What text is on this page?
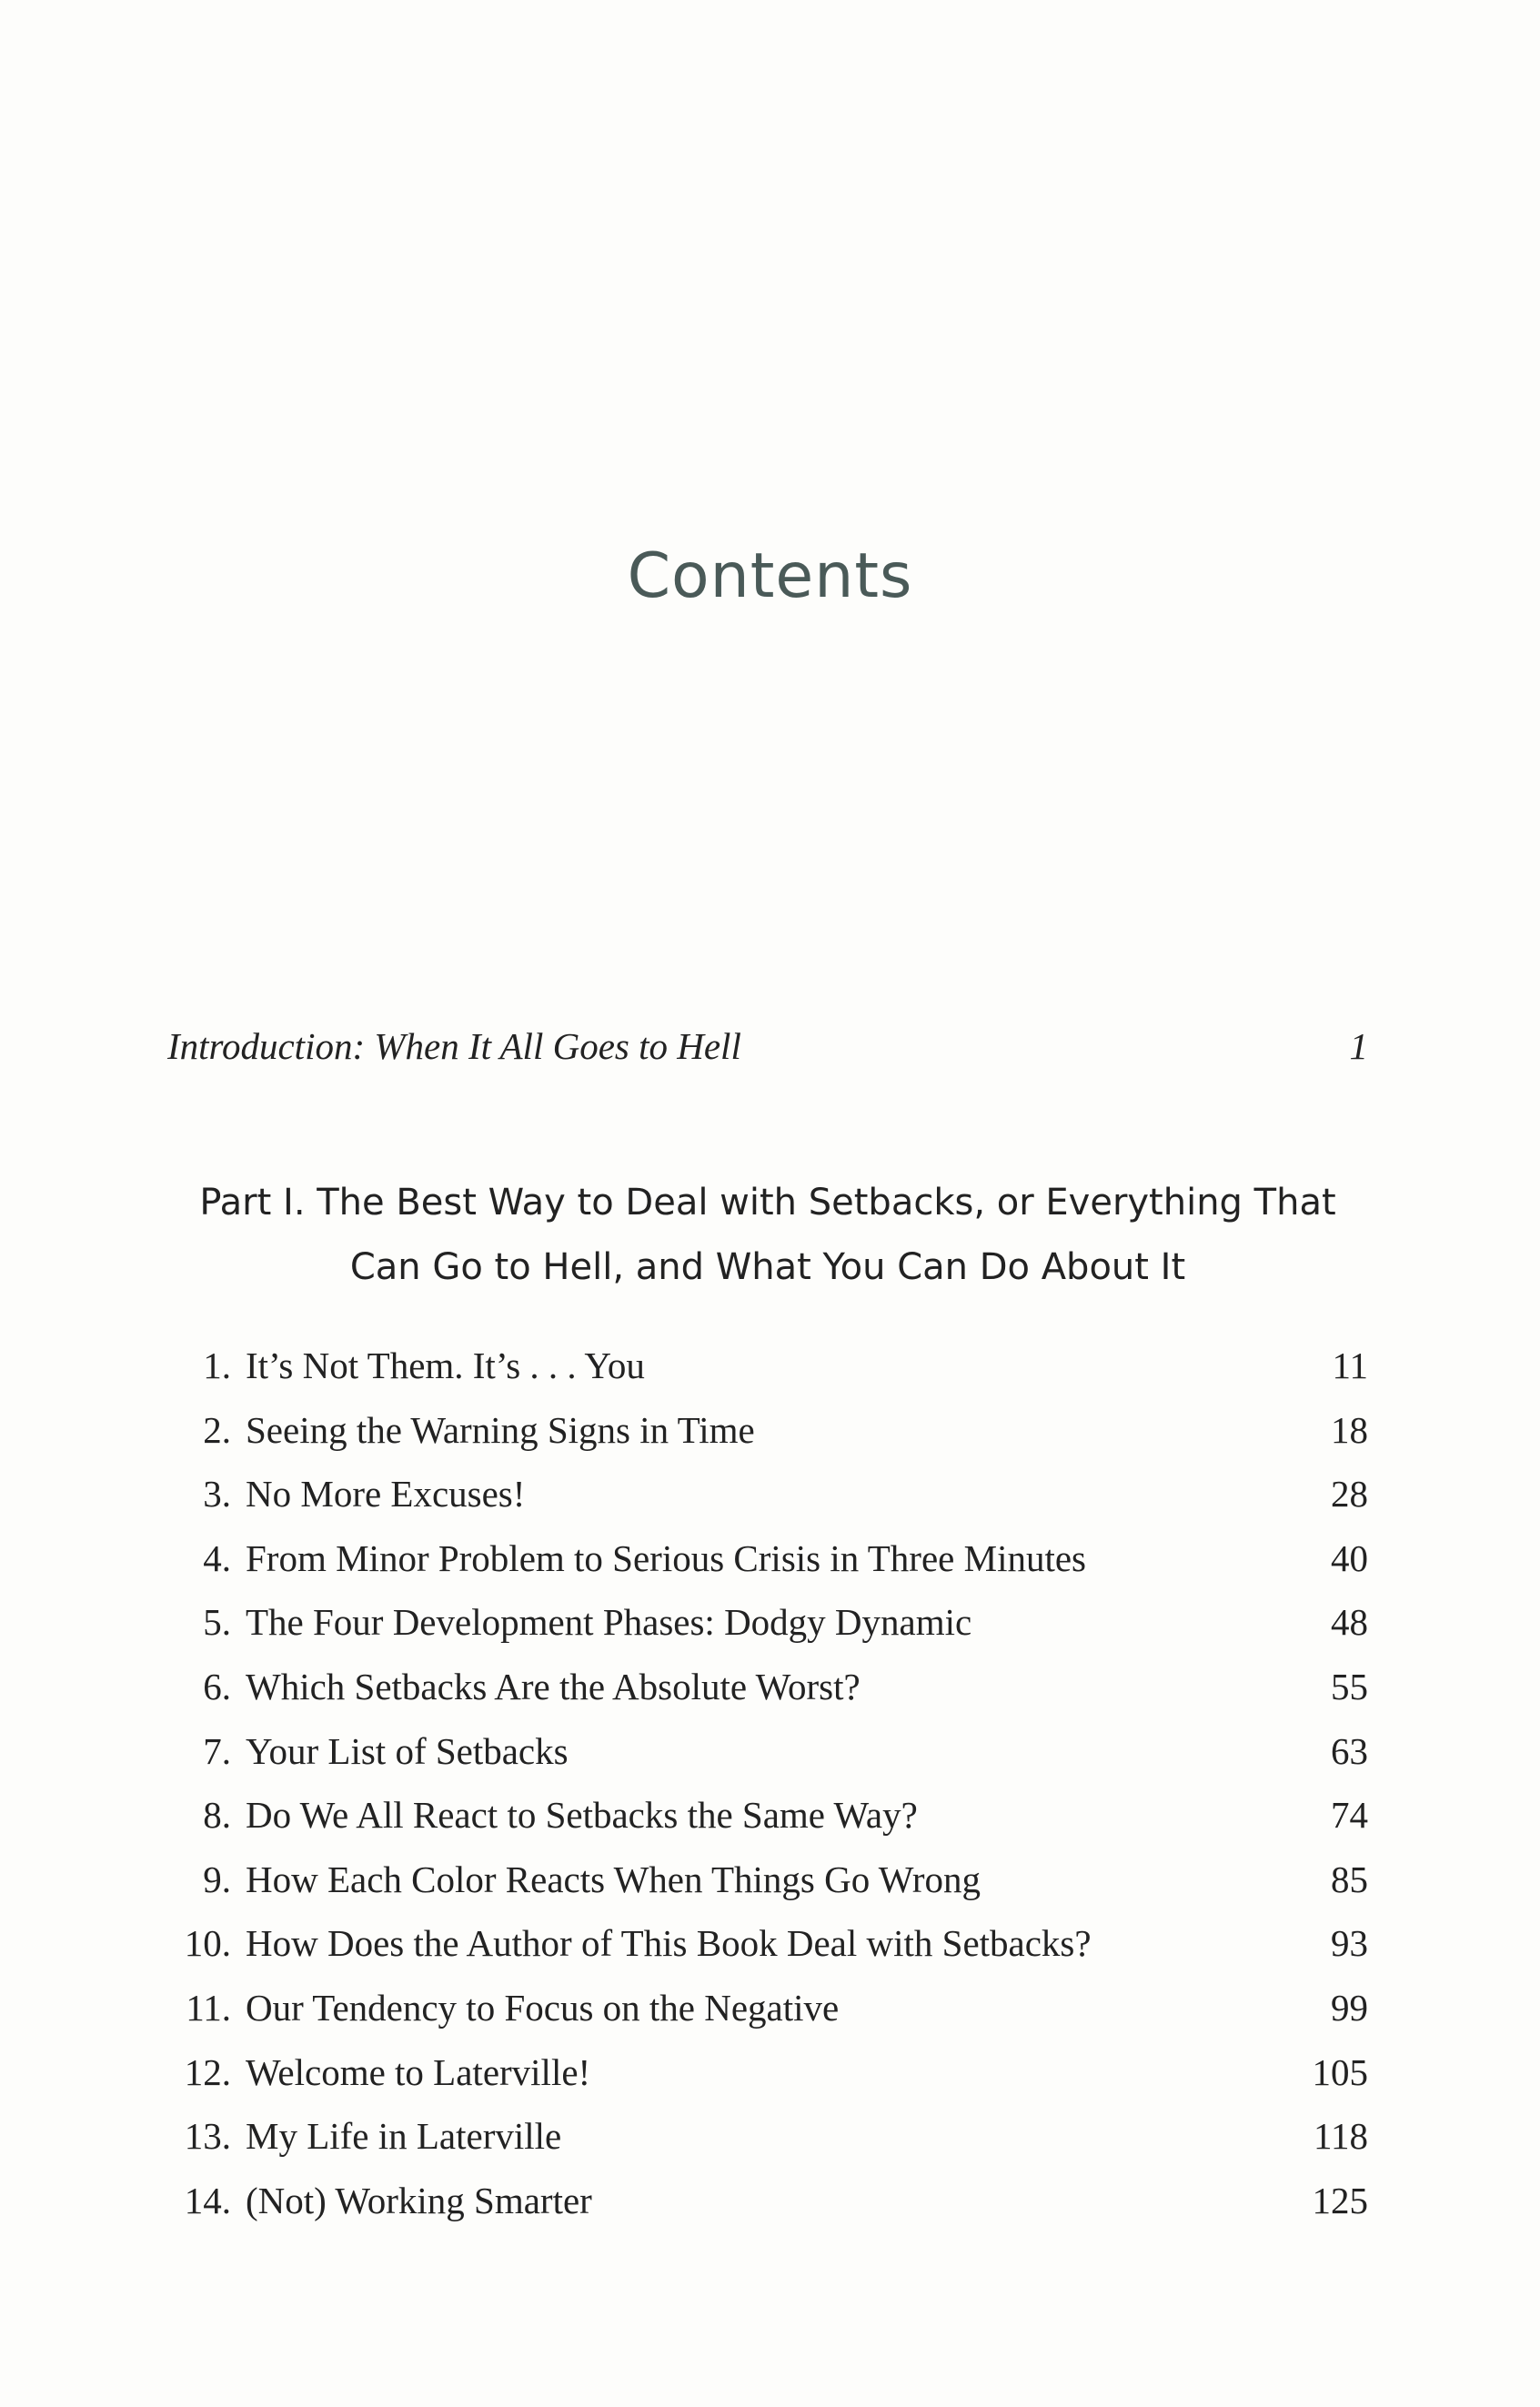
Contents
Introduction: When It All Goes to Hell	1
Part I. The Best Way to Deal with Setbacks, or Everything That
Can Go to Hell, and What You Can Do About It
1. It’s Not Them. It’s . . . You	11
2. Seeing the Warning Signs in Time	18
3. No More Excuses!	28
4. From Minor Problem to Serious Crisis in Three Minutes	40
5. The Four Development Phases: Dodgy Dynamic	48
6. Which Setbacks Are the Absolute Worst?	55
7. Your List of Setbacks	63
8. Do We All React to Setbacks the Same Way?	74
9. How Each Color Reacts When Things Go Wrong	85
10. How Does the Author of This Book Deal with Setbacks?	93
11. Our Tendency to Focus on the Negative	99
12. Welcome to Laterville!	105
13. My Life in Laterville	118
14. (Not) Working Smarter	125
